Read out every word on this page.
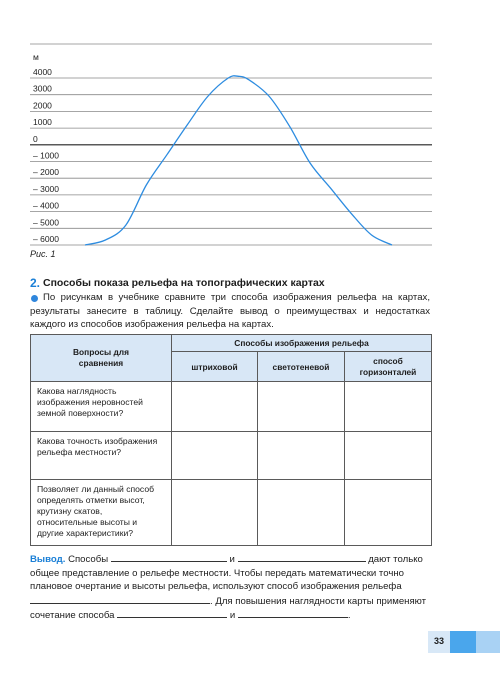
4000
3000
2000
1000
0
– 1000
– 2000
– 3000
– 4000
– 5000
– 6000
м
Рис. 1
2. Способы показа рельефа на топографических картах
По рисункам в учебнике сравните три способа изображения рельефа на картах, результаты занесите в таблицу. Сделайте вывод о преимуществах и недостатках каждого из способов изображения рельефа на картах.
Вопросы для сравнения	Способы изображения рельефа		
	штриховой	светотеневой	способ горизонталей

Какова наглядность изображения неровностей земной поверхности?			
Какова точность изображения рельефа местности?			
Позволяет ли данный способ определять отметки высот, крутизну скатов, относительные высоты и другие характеристики?			
Вывод. Способы	и	дают только общее представление о рельефе местности. Чтобы передать математически точно плановое очертание и высоты рельефа, используют способ изображения рельефа . Для повышения наглядности карты применяют сочетание способа	и	.
33
